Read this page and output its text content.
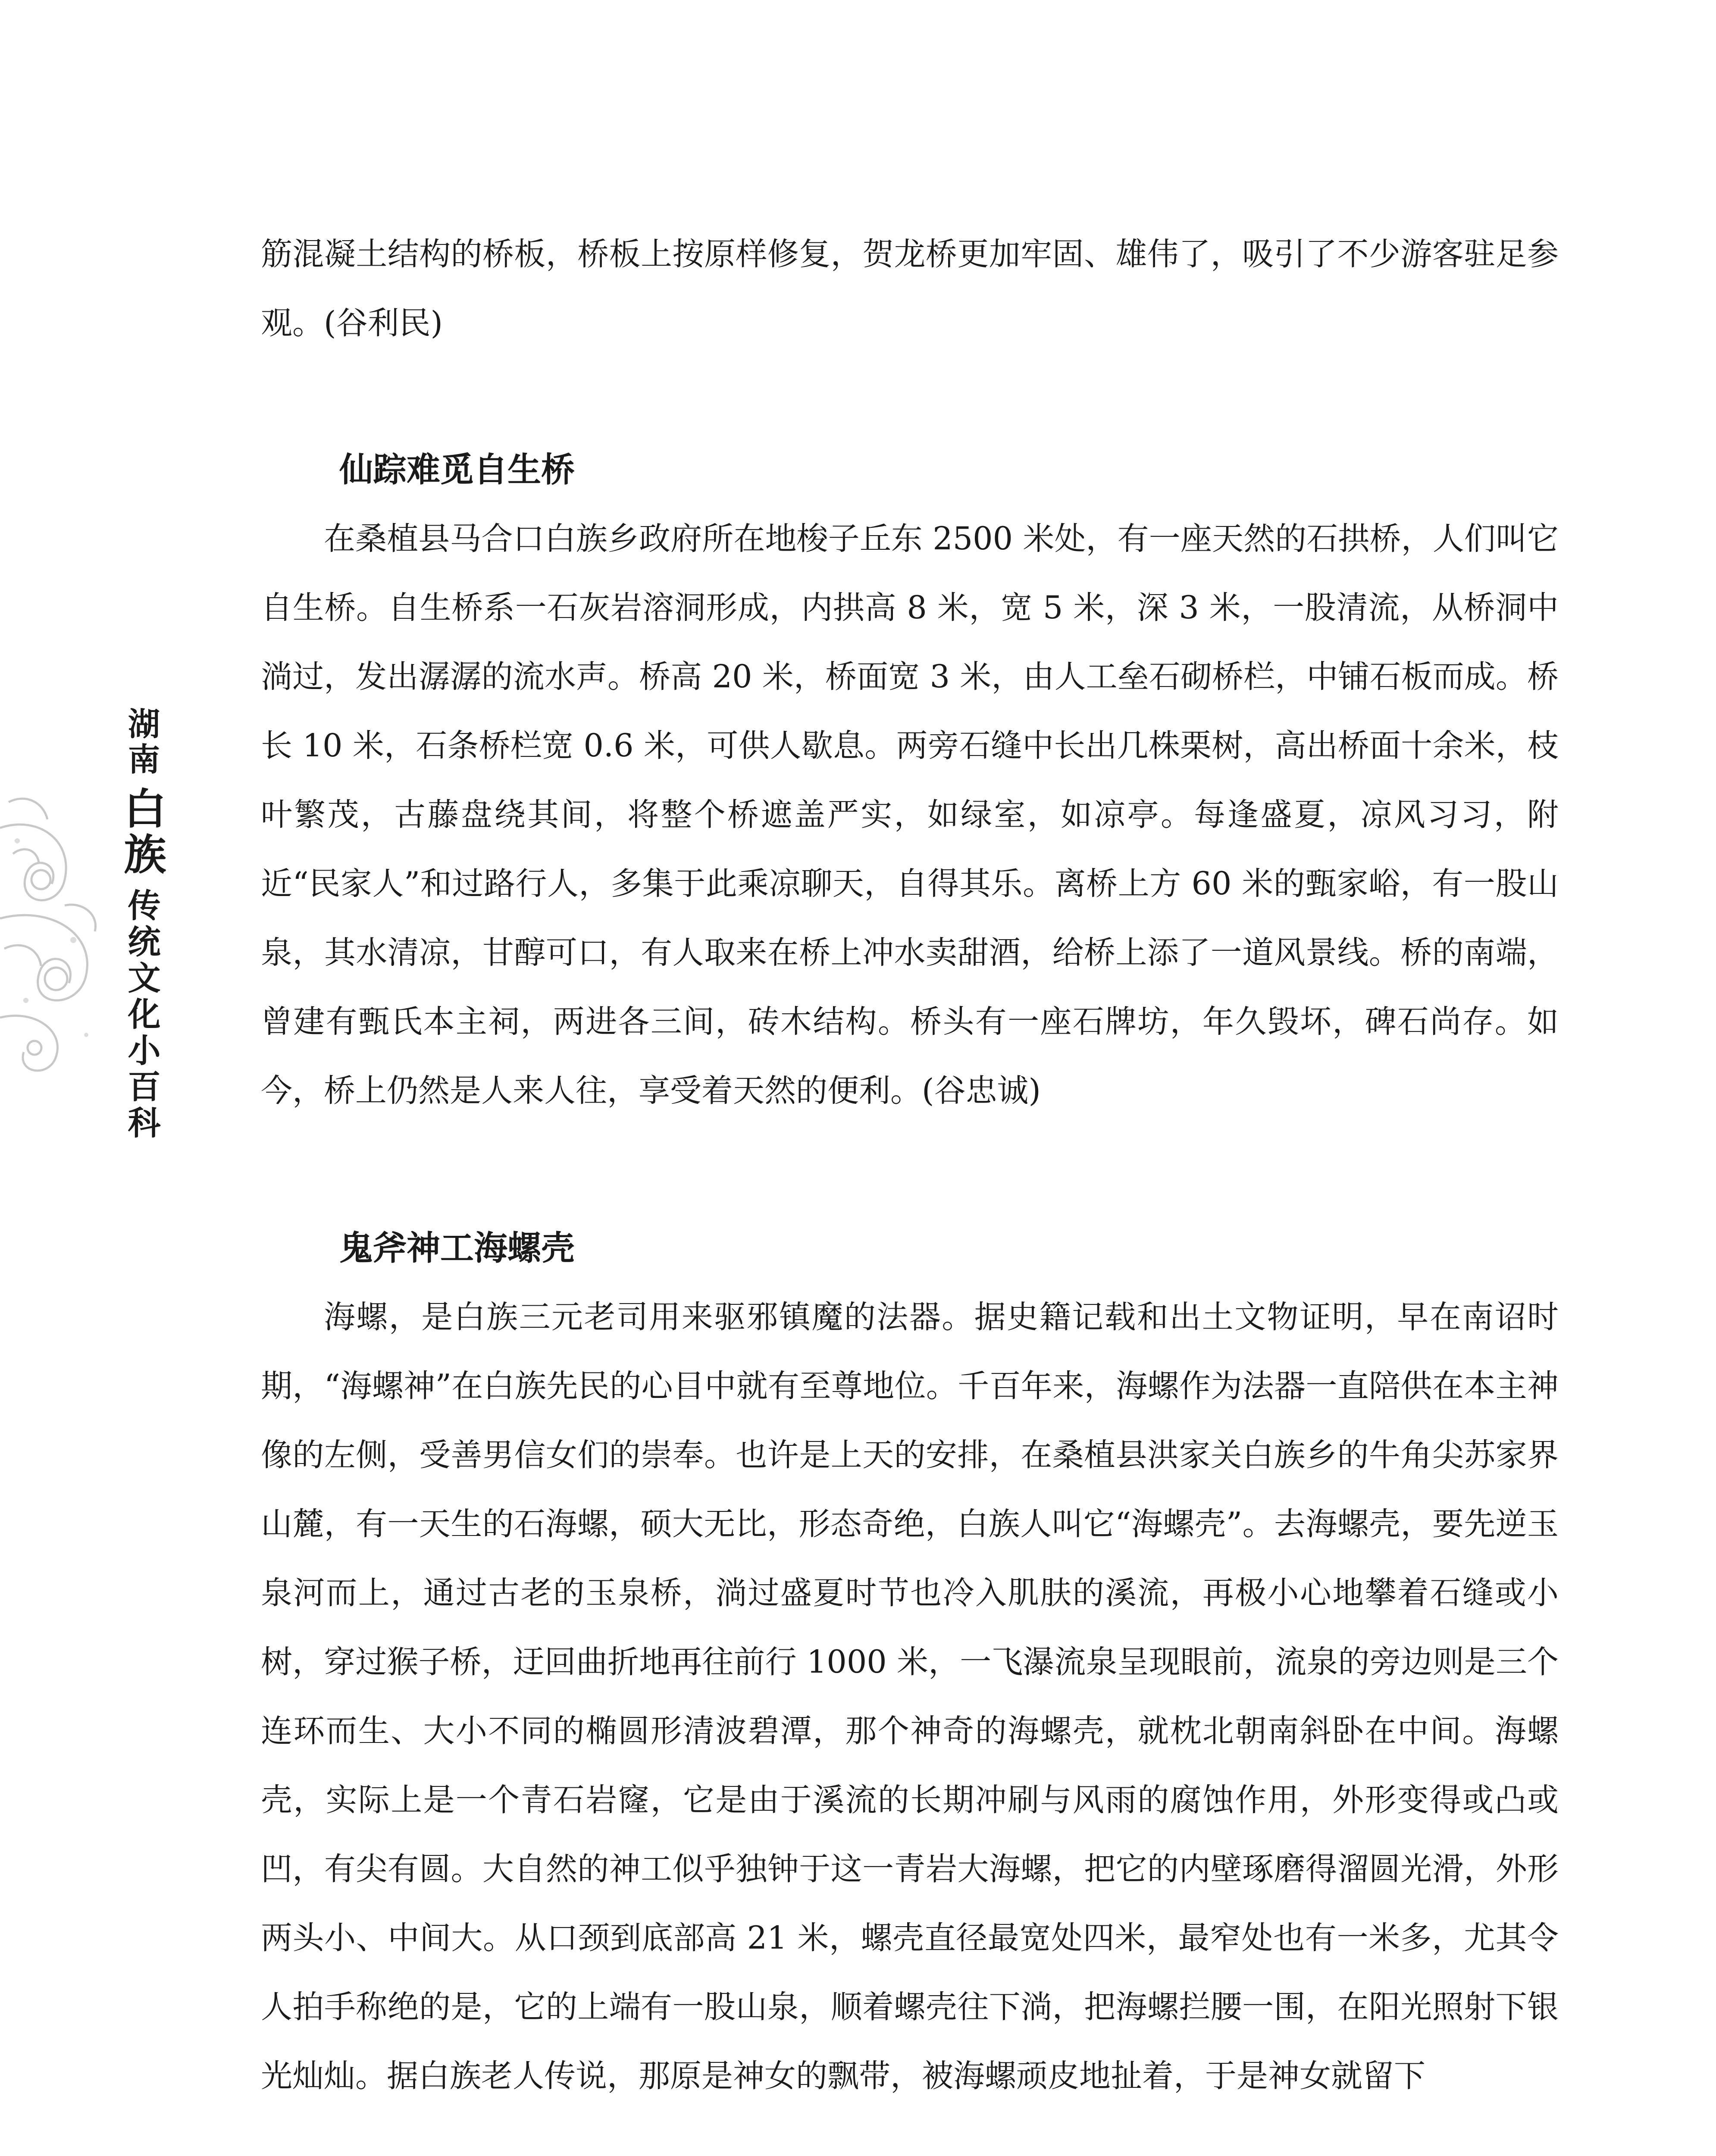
湖南
白族
传统文化小百科

筋混凝土结构的桥板，桥板上按原样修复，贺龙桥更加牢固、雄伟了，吸引了不少游客驻足参观。(谷利民)

仙踪难觅自生桥

在桑植县马合口白族乡政府所在地梭子丘东 2500 米处，有一座天然的石拱桥，人们叫它自生桥。自生桥系一石灰岩溶洞形成，内拱高 8 米，宽 5 米，深 3 米，一股清流，从桥洞中淌过，发出潺潺的流水声。桥高 20 米，桥面宽 3 米，由人工垒石砌桥栏，中铺石板而成。桥长 10 米，石条桥栏宽 0.6 米，可供人歇息。两旁石缝中长出几株栗树，高出桥面十余米，枝叶繁茂，古藤盘绕其间，将整个桥遮盖严实，如绿室，如凉亭。每逢盛夏，凉风习习，附近“民家人”和过路行人，多集于此乘凉聊天，自得其乐。离桥上方 60 米的甄家峪，有一股山泉，其水清凉，甘醇可口，有人取来在桥上冲水卖甜酒，给桥上添了一道风景线。桥的南端，曾建有甄氏本主祠，两进各三间，砖木结构。桥头有一座石牌坊，年久毁坏，碑石尚存。如今，桥上仍然是人来人往，享受着天然的便利。(谷忠诚)

鬼斧神工海螺壳

海螺，是白族三元老司用来驱邪镇魔的法器。据史籍记载和出土文物证明，早在南诏时期，“海螺神”在白族先民的心目中就有至尊地位。千百年来，海螺作为法器一直陪供在本主神像的左侧，受善男信女们的崇奉。也许是上天的安排，在桑植县洪家关白族乡的牛角尖苏家界山麓，有一天生的石海螺，硕大无比，形态奇绝，白族人叫它“海螺壳”。去海螺壳，要先逆玉泉河而上，通过古老的玉泉桥，淌过盛夏时节也冷入肌肤的溪流，再极小心地攀着石缝或小树，穿过猴子桥，迂回曲折地再往前行 1000 米，一飞瀑流泉呈现眼前，流泉的旁边则是三个连环而生、大小不同的椭圆形清波碧潭，那个神奇的海螺壳，就枕北朝南斜卧在中间。海螺壳，实际上是一个青石岩窿，它是由于溪流的长期冲刷与风雨的腐蚀作用，外形变得或凸或凹，有尖有圆。大自然的神工似乎独钟于这一青岩大海螺，把它的内壁琢磨得溜圆光滑，外形两头小、中间大。从口颈到底部高 21 米，螺壳直径最宽处四米，最窄处也有一米多，尤其令人拍手称绝的是，它的上端有一股山泉，顺着螺壳往下淌，把海螺拦腰一围，在阳光照射下银光灿灿。据白族老人传说，那原是神女的飘带，被海螺顽皮地扯着，于是神女就留下
